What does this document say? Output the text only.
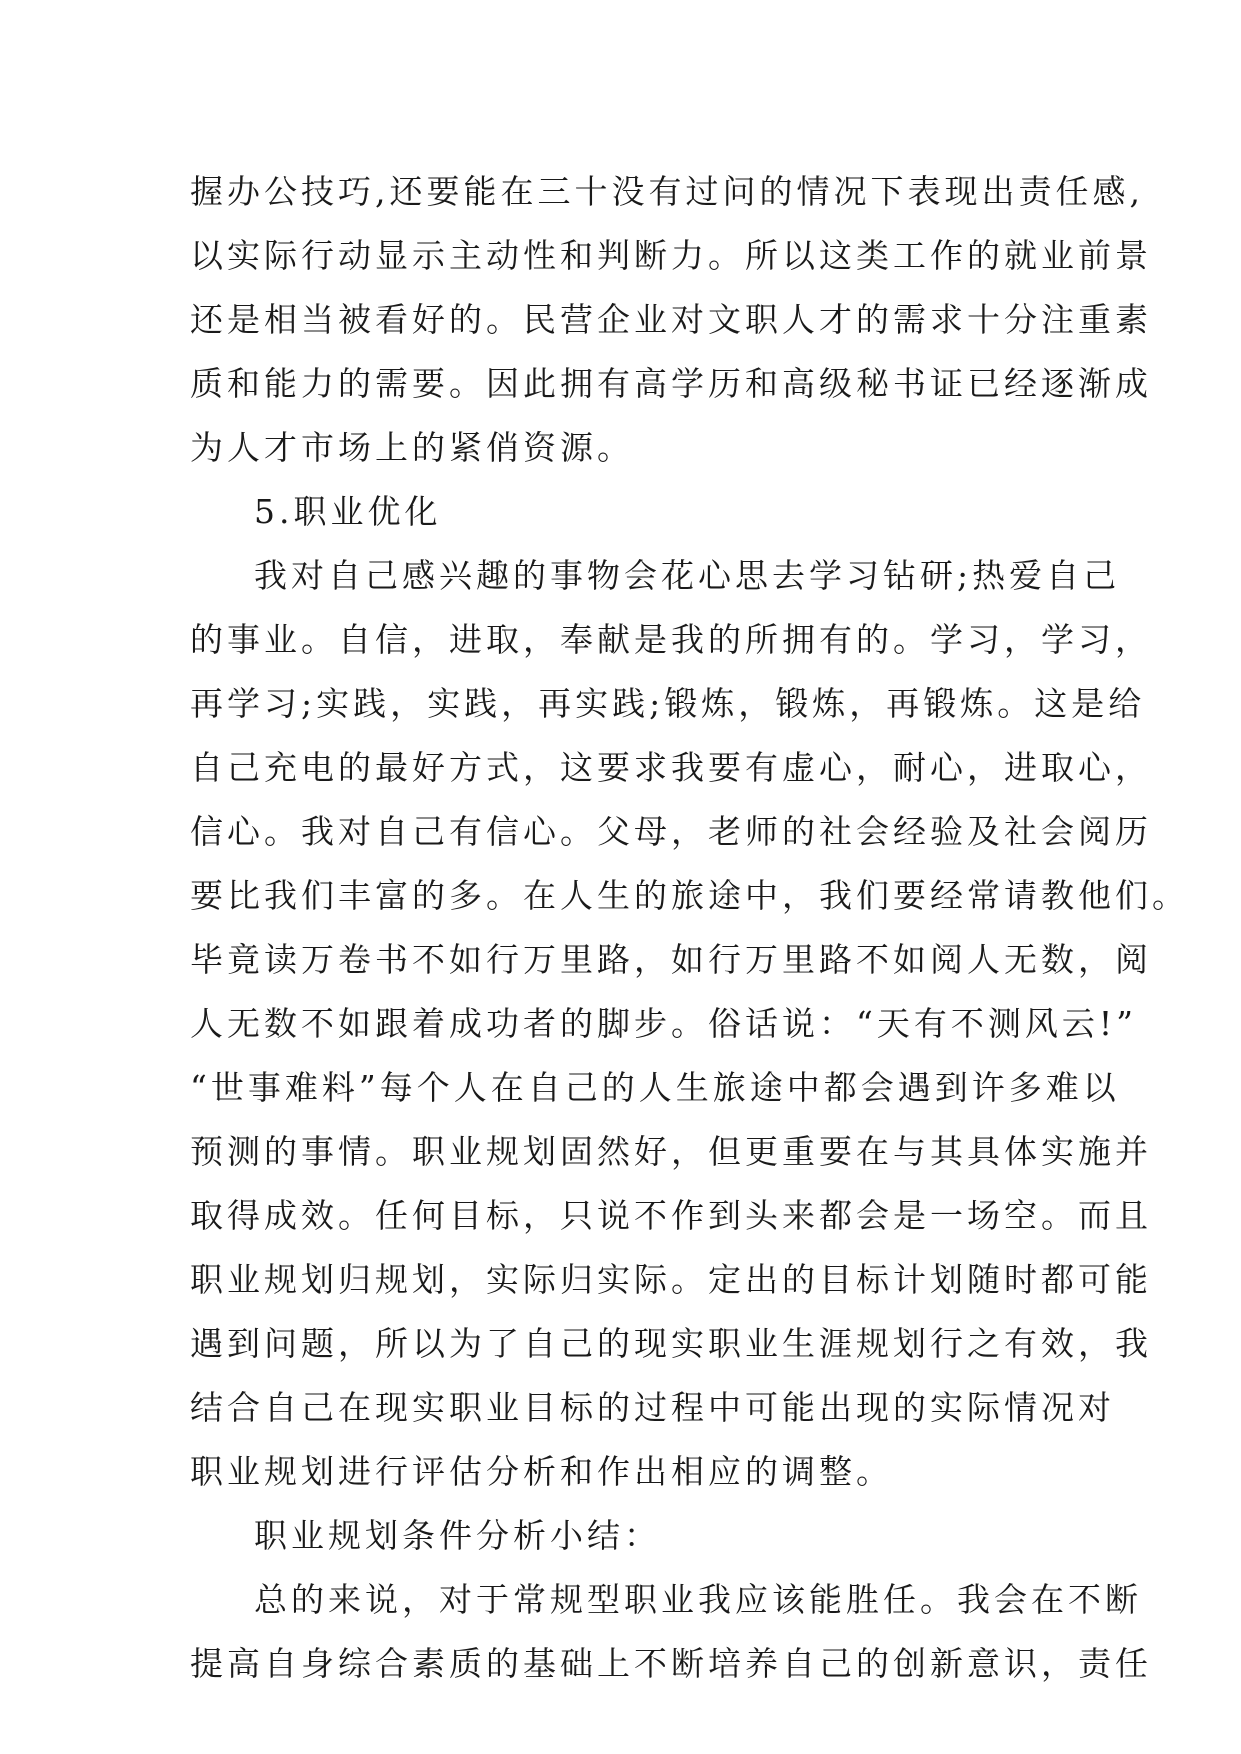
握办公技巧,还要能在三十没有过问的情况下表现出责任感,
以实际行动显示主动性和判断力。所以这类工作的就业前景
还是相当被看好的。民营企业对文职人才的需求十分注重素
质和能力的需要。因此拥有高学历和高级秘书证已经逐渐成
为人才市场上的紧俏资源。
5.职业优化
我对自己感兴趣的事物会花心思去学习钻研;热爱自己
的事业。自信，进取，奉献是我的所拥有的。学习，学习，
再学习;实践，实践，再实践;锻炼，锻炼，再锻炼。这是给
自己充电的最好方式，这要求我要有虚心，耐心，进取心，
信心。我对自己有信心。父母，老师的社会经验及社会阅历
要比我们丰富的多。在人生的旅途中，我们要经常请教他们。
毕竟读万卷书不如行万里路，如行万里路不如阅人无数，阅
人无数不如跟着成功者的脚步。俗话说：“天有不测风云!”
“世事难料”每个人在自己的人生旅途中都会遇到许多难以
预测的事情。职业规划固然好，但更重要在与其具体实施并
取得成效。任何目标，只说不作到头来都会是一场空。而且
职业规划归规划，实际归实际。定出的目标计划随时都可能
遇到问题，所以为了自己的现实职业生涯规划行之有效，我
结合自己在现实职业目标的过程中可能出现的实际情况对
职业规划进行评估分析和作出相应的调整。
职业规划条件分析小结：
总的来说，对于常规型职业我应该能胜任。我会在不断
提高自身综合素质的基础上不断培养自己的创新意识，责任
